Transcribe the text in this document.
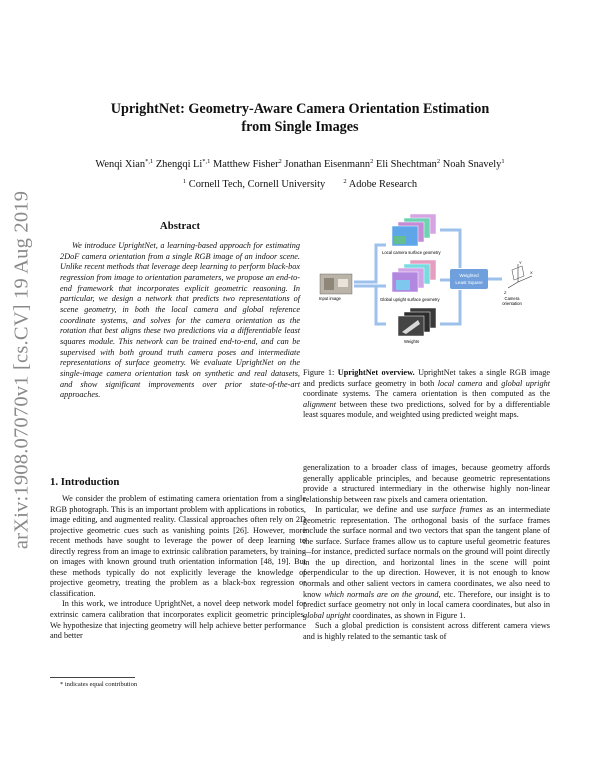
arXiv:1908.07070v1 [cs.CV] 19 Aug 2019
UprightNet: Geometry-Aware Camera Orientation Estimation
from Single Images
Wenqi Xian$^{*,1}$ Zhengqi $Li^{*,1}$ Matthew Fisher$^2$ Jonathan Eisenmann$^2$ Eli Shechtman$^2$ Noah Snavely$^1$
$^1$ Cornell Tech, Cornell University	$^2$ Adobe Research
Abstract
We introduce UprightNet, a learning-based approach for estimating 2DoF camera orientation from a single RGB image of an indoor scene. Unlike recent methods that leverage deep learning to perform black-box regression from image to orientation parameters, we propose an end-to-end framework that incorporates explicit geometric reasoning. In particular, we design a network that predicts two representations of scene geometry, in both the local camera and global reference coordinate systems, and solves for the camera orientation as the rotation that best aligns these two predictions via a differentiable least squares module. This network can be trained end-to-end, and can be supervised with both ground truth camera poses and intermediate representations of surface geometry. We evaluate UprightNet on the single-image camera orientation task on synthetic and real datasets, and show significant improvements over prior state-of-the-art approaches.
Input image
Local camera surface geometry
Global upright surface geometry
Weights
Weighted
Least Square
Y
X
Z
Camera
orientation
Figure 1: UprightNet overview. UprightNet takes a single RGB image and predicts surface geometry in both local camera and global upright coordinate systems. The camera orientation is then computed as the alignment between these two predictions, solved for by a differentiable least squares module, and weighted using predicted weight maps.
1. Introduction

We consider the problem of estimating camera orientation from a single RGB photograph. This is an important problem with applications in robotics, image editing, and augmented reality. Classical approaches often rely on 2D projective geometric cues such as vanishing points [26]. However, more recent methods have sought to leverage the power of deep learning to directly regress from an image to extrinsic calibration parameters, by training on images with known ground truth orientation information [48, 19]. But these methods typically do not explicitly leverage the knowledge of projective geometry, treating the problem as a black-box regression or classification.

In this work, we introduce UprightNet, a novel deep network model for extrinsic camera calibration that incorporates explicit geometric principles. We hypothesize that injecting geometry will help achieve better performance and better

* indicates equal contribution

generalization to a broader class of images, because geometry affords generally applicable principles, and because geometric representations provide a structured intermediary in the otherwise highly non-linear relationship between raw pixels and camera orientation.

In particular, we define and use surface frames as an intermediate geometric representation. The orthogonal basis of the surface frames include the surface normal and two vectors that span the tangent plane of the surface. Surface frames allow us to capture useful geometric features—for instance, predicted surface normals on the ground will point directly in the up direction, and horizontal lines in the scene will point perpendicular to the up direction. However, it is not enough to know normals and other salient vectors in camera coordinates, we also need to know which normals are on the ground, etc. Therefore, our insight is to predict surface geometry not only in local camera coordinates, but also in global upright coordinates, as shown in Figure 1.

Such a global prediction is consistent across different camera views and is highly related to the semantic task of
